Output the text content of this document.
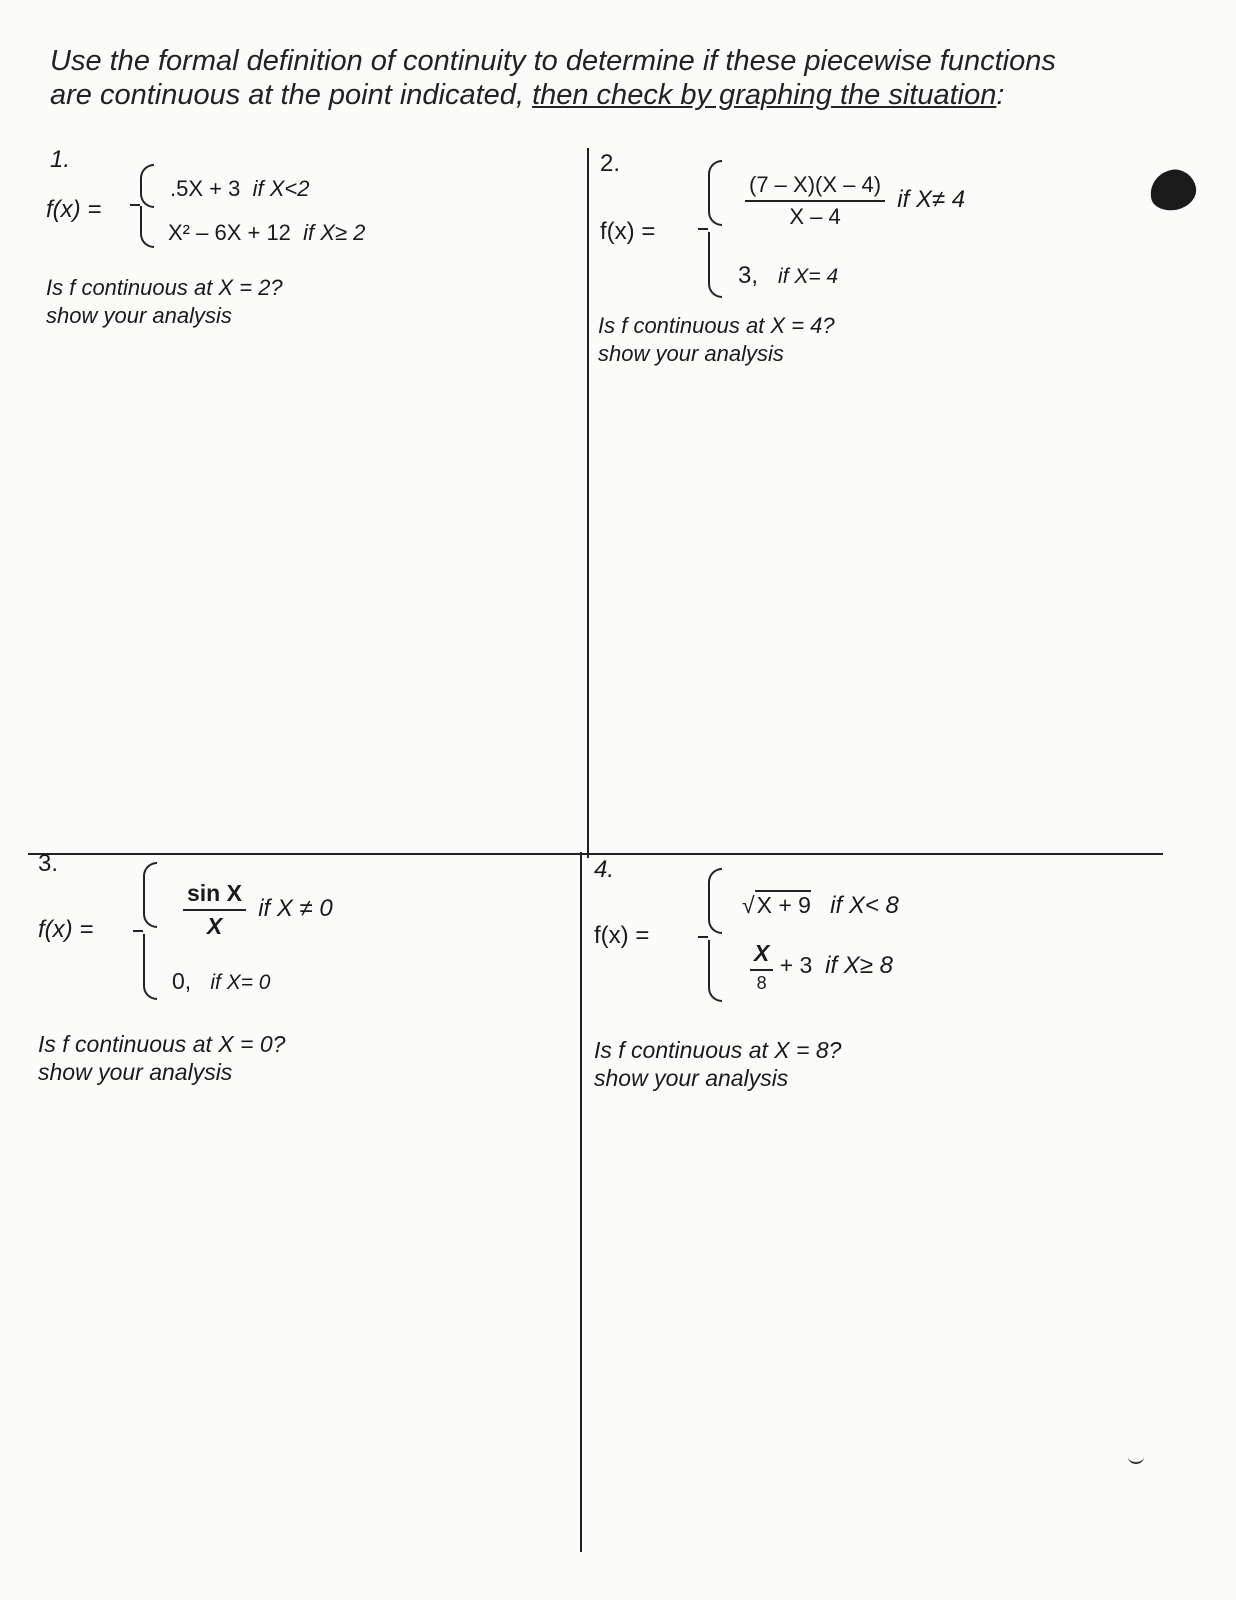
Use the formal definition of continuity to determine if these piecewise functions
are continuous at the point indicated, then check by graphing the situation:
1.
f(x) =
.5X + 3 if X<2
X² – 6X + 12 if X≥ 2
Is f continuous at X = 2?
show your analysis
2.
f(x) =
$\frac{(7 - X)(X - 4)}{X - 4}$ if X≠ 4
3, if X= 4
Is f continuous at X = 4?
show your analysis
3.
f(x) =	$\frac{\text{sin X}}{X}$ if X ≠ 0
0, if X= 0
Is f continuous at X = 0?
show your analysis
4.
f(x) =
√X + 9 if X< 8
$\frac{X}{8} + 3$ if X≥ 8
Is f continuous at X = 8?
show your analysis
